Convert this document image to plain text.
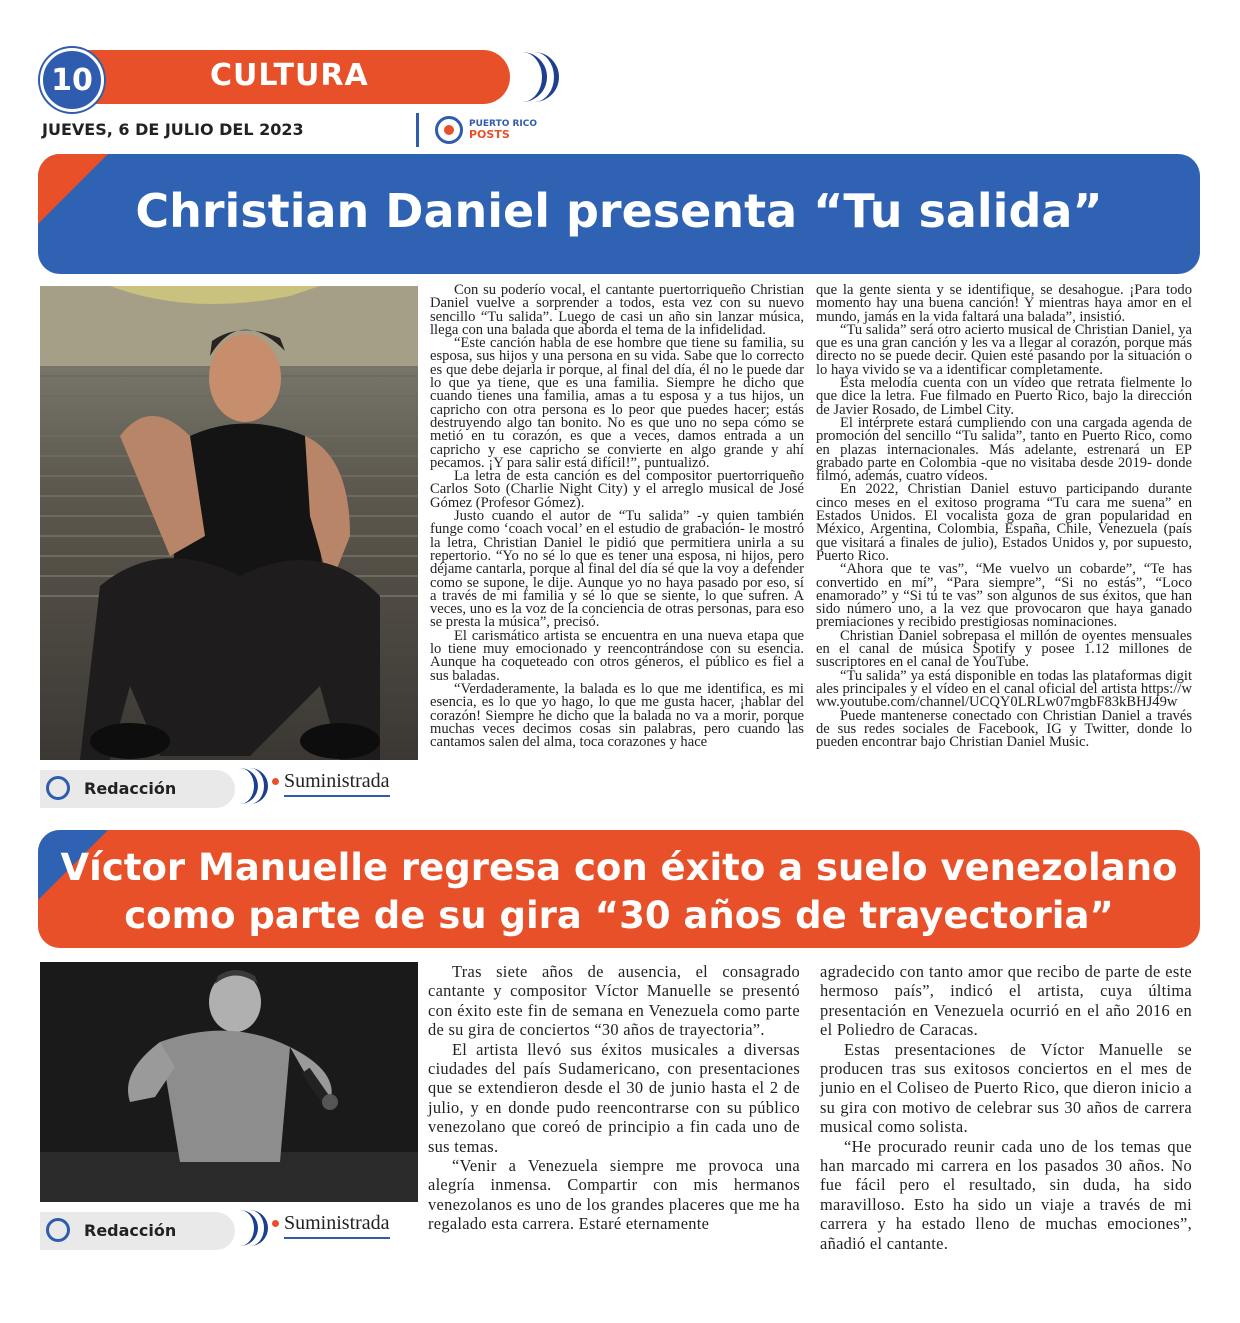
10	CULTURA
JUEVES, 6 DE JULIO DEL 2023	PUERTO RICO
POSTS
Christian Daniel presenta “Tu salida”
Redacción	Suministrada

Con su poderío vocal, el cantante puertorriqueño Christian Daniel vuelve a sorprender a todos, esta vez con su nuevo sencillo “Tu salida”. Luego de casi un año sin lanzar música, llega con una balada que aborda el tema de la infidelidad.

“Este canción habla de ese hombre que tiene su familia, su esposa, sus hijos y una persona en su vida. Sabe que lo correcto es que debe dejarla ir porque, al final del día, él no le puede dar lo que ya tiene, que es una familia. Siempre he dicho que cuando tienes una familia, amas a tu esposa y a tus hijos, un capricho con otra persona es lo peor que puedes hacer; estás destruyendo algo tan bonito. No es que uno no sepa cómo se metió en tu corazón, es que a veces, damos entrada a un capricho y ese capricho se convierte en algo grande y ahí pecamos. ¡Y para salir está difícil!”, puntualizó.

La letra de esta canción es del compositor puertorriqueño Carlos Soto (Charlie Night City) y el arreglo musical de José Gómez (Profesor Gómez).

Justo cuando el autor de “Tu salida” -y quien también funge como ‘coach vocal’ en el estudio de grabación- le mostró la letra, Christian Daniel le pidió que permitiera unirla a su repertorio. “Yo no sé lo que es tener una esposa, ni hijos, pero déjame cantarla, porque al final del día sé que la voy a defender como se supone, le dije. Aunque yo no haya pasado por eso, sí a través de mi familia y sé lo que se siente, lo que sufren. A veces, uno es la voz de la conciencia de otras personas, para eso se presta la música”, precisó.

El carismático artista se encuentra en una nueva etapa que lo tiene muy emocionado y reencontrándose con su esencia. Aunque ha coqueteado con otros géneros, el público es fiel a sus baladas.

“Verdaderamente, la balada es lo que me identifica, es mi esencia, es lo que yo hago, lo que me gusta hacer, ¡hablar del corazón! Siempre he dicho que la balada no va a morir, porque muchas veces decimos cosas sin palabras, pero cuando las cantamos salen del alma, toca corazones y hace

que la gente sienta y se identifique, se desahogue. ¡Para todo momento hay una buena canción! Y mientras haya amor en el mundo, jamás en la vida faltará una balada”, insistió.

“Tu salida” será otro acierto musical de Christian Daniel, ya que es una gran canción y les va a llegar al corazón, porque más directo no se puede decir. Quien esté pasando por la situación o lo haya vivido se va a identificar completamente.

Esta melodía cuenta con un vídeo que retrata fielmente lo que dice la letra. Fue filmado en Puerto Rico, bajo la dirección de Javier Rosado, de Limbel City.

El intérprete estará cumpliendo con una cargada agenda de promoción del sencillo “Tu salida”, tanto en Puerto Rico, como en plazas internacionales. Más adelante, estrenará un EP grabado parte en Colombia -que no visitaba desde 2019- donde filmó, además, cuatro vídeos.

En 2022, Christian Daniel estuvo participando durante cinco meses en el exitoso programa “Tu cara me suena” en Estados Unidos. El vocalista goza de gran popularidad en México, Argentina, Colombia, España, Chile, Venezuela (país que visitará a finales de julio), Estados Unidos y, por supuesto, Puerto Rico.

“Ahora que te vas”, “Me vuelvo un cobarde”, “Te has convertido en mí”, “Para siempre”, “Si no estás”, “Loco enamorado” y “Si tú te vas” son algunos de sus éxitos, que han sido número uno, a la vez que provocaron que haya ganado premiaciones y recibido prestigiosas nominaciones.

Christian Daniel sobrepasa el millón de oyentes mensuales en el canal de música Spotify y posee 1.12 millones de suscriptores en el canal de YouTube.

“Tu salida” ya está disponible en todas las plataformas digitales principales y el vídeo en el canal oficial del artista https://www.youtube.com/channel/UCQY0LRLw07mgbF83kBHJ49w

Puede mantenerse conectado con Christian Daniel a través de sus redes sociales de Facebook, IG y Twitter, donde lo pueden encontrar bajo Christian Daniel Music.

Víctor Manuelle regresa con éxito a suelo venezolano
como parte de su gira “30 años de trayectoria”
Redacción	Suministrada

Tras siete años de ausencia, el consagrado cantante y compositor Víctor Manuelle se presentó con éxito este fin de semana en Venezuela como parte de su gira de conciertos “30 años de trayectoria”.

El artista llevó sus éxitos musicales a diversas ciudades del país Sudamericano, con presentaciones que se extendieron desde el 30 de junio hasta el 2 de julio, y en donde pudo reencontrarse con su público venezolano que coreó de principio a fin cada uno de sus temas.

“Venir a Venezuela siempre me provoca una alegría inmensa. Compartir con mis hermanos venezolanos es uno de los grandes placeres que me ha regalado esta carrera. Estaré eternamente

agradecido con tanto amor que recibo de parte de este hermoso país”, indicó el artista, cuya última presentación en Venezuela ocurrió en el año 2016 en el Poliedro de Caracas.

Estas presentaciones de Víctor Manuelle se producen tras sus exitosos conciertos en el mes de junio en el Coliseo de Puerto Rico, que dieron inicio a su gira con motivo de celebrar sus 30 años de carrera musical como solista.

“He procurado reunir cada uno de los temas que han marcado mi carrera en los pasados 30 años. No fue fácil pero el resultado, sin duda, ha sido maravilloso. Esto ha sido un viaje a través de mi carrera y ha estado lleno de muchas emociones”, añadió el cantante.
